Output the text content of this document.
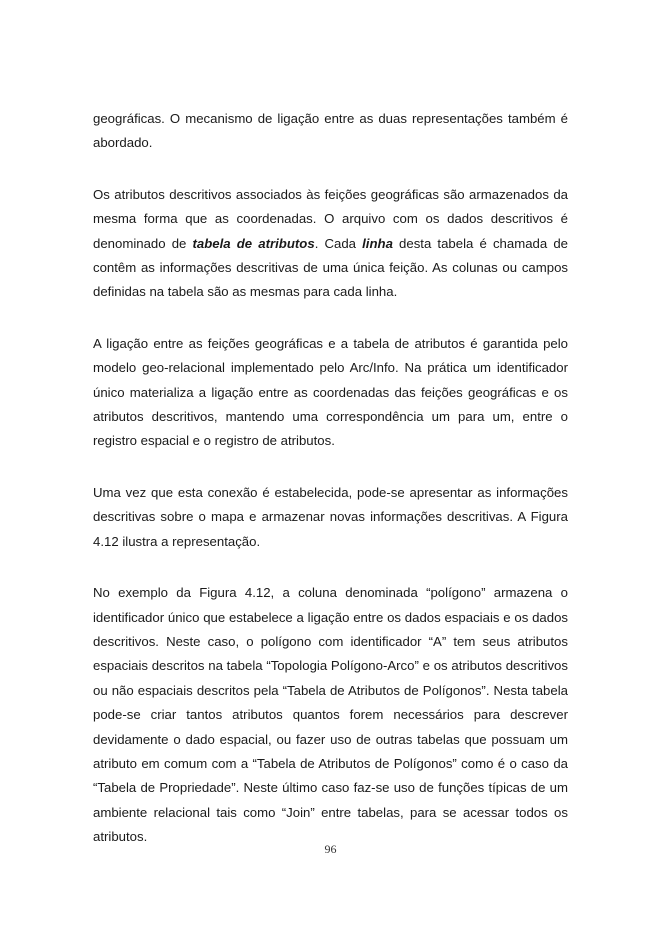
geográficas. O mecanismo de ligação entre as duas representações também é abordado.

Os atributos descritivos associados às feições geográficas são armazenados da mesma forma que as coordenadas. O arquivo com os dados descritivos é denominado de tabela de atributos. Cada linha desta tabela é chamada de contêm as informações descritivas de uma única feição. As colunas ou campos definidas na tabela são as mesmas para cada linha.

A ligação entre as feições geográficas e a tabela de atributos é garantida pelo modelo geo-relacional implementado pelo Arc/Info. Na prática um identificador único materializa a ligação entre as coordenadas das feições geográficas e os atributos descritivos, mantendo uma correspondência um para um, entre o registro espacial e o registro de atributos.

Uma vez que esta conexão é estabelecida, pode-se apresentar as informações descritivas sobre o mapa e armazenar novas informações descritivas. A Figura 4.12 ilustra a representação.

No exemplo da Figura 4.12, a coluna denominada “polígono” armazena o identificador único que estabelece a ligação entre os dados espaciais e os dados descritivos. Neste caso, o polígono com identificador “A” tem seus atributos espaciais descritos na tabela “Topologia Polígono-Arco” e os atributos descritivos ou não espaciais descritos pela “Tabela de Atributos de Polígonos”. Nesta tabela pode-se criar tantos atributos quantos forem necessários para descrever devidamente o dado espacial, ou fazer uso de outras tabelas que possuam um atributo em comum com a “Tabela de Atributos de Polígonos” como é o caso da “Tabela de Propriedade”. Neste último caso faz-se uso de funções típicas de um ambiente relacional tais como “Join” entre tabelas, para se acessar todos os atributos.

96
